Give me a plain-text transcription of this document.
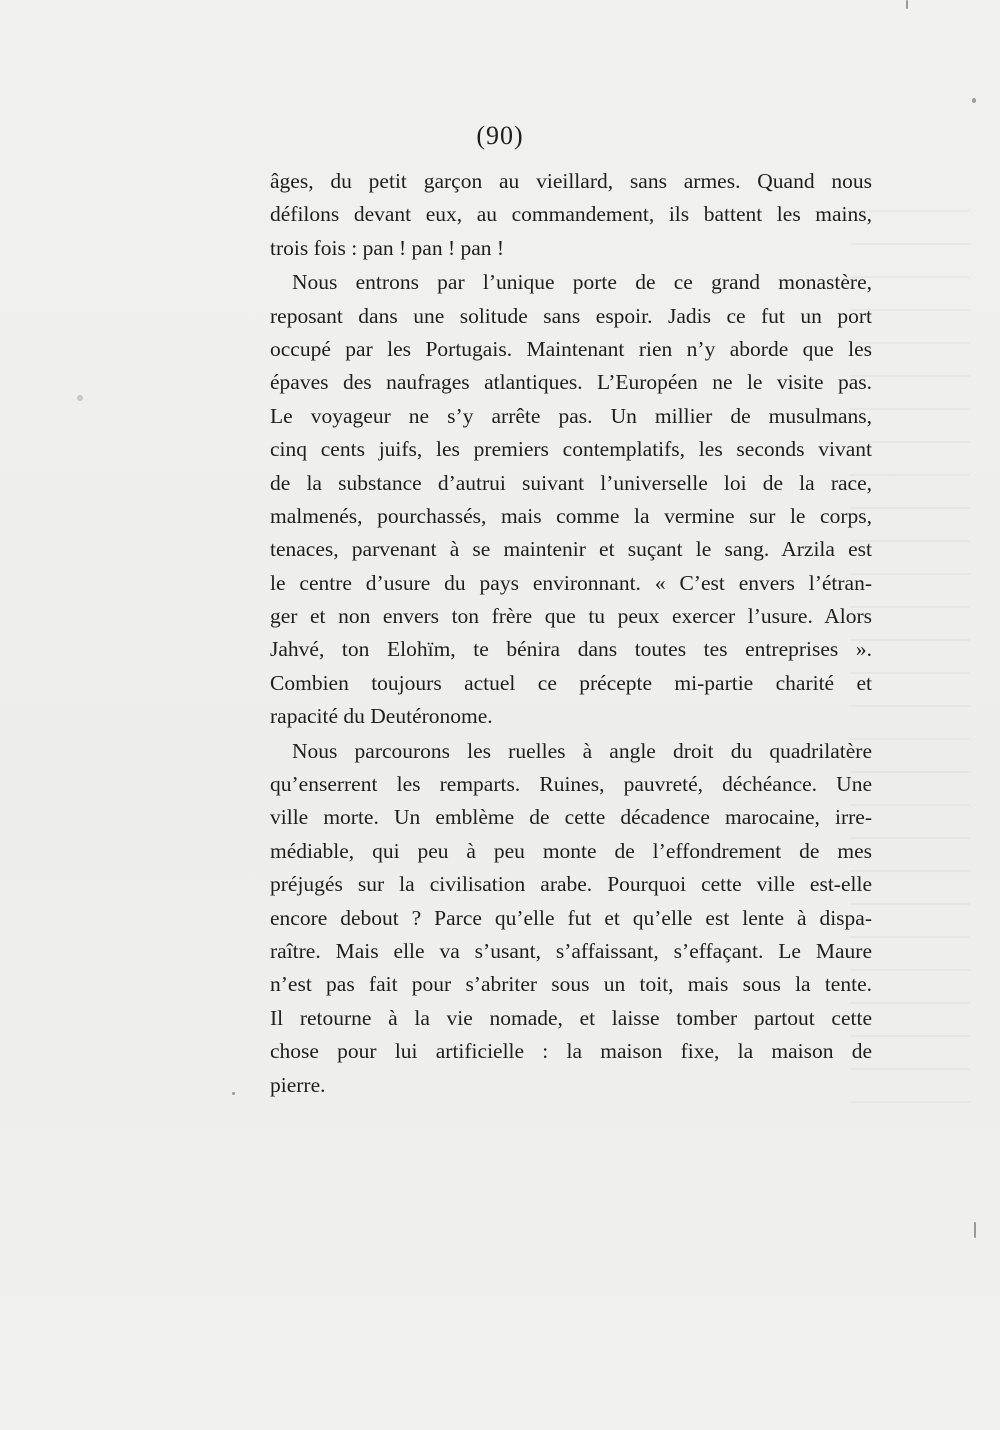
(90)
âges, du petit garçon au vieillard, sans armes. Quand nous
défilons devant eux, au commandement, ils battent les mains,
trois fois : pan ! pan ! pan !
Nous entrons par l’unique porte de ce grand monastère,
reposant dans une solitude sans espoir. Jadis ce fut un port
occupé par les Portugais. Maintenant rien n’y aborde que les
épaves des naufrages atlantiques. L’Européen ne le visite pas.
Le voyageur ne s’y arrête pas. Un millier de musulmans,
cinq cents juifs, les premiers contemplatifs, les seconds vivant
de la substance d’autrui suivant l’universelle loi de la race,
malmenés, pourchassés, mais comme la vermine sur le corps,
tenaces, parvenant à se maintenir et suçant le sang. Arzila est
le centre d’usure du pays environnant. « C’est envers l’étran-
ger et non envers ton frère que tu peux exercer l’usure. Alors
Jahvé, ton Elohïm, te bénira dans toutes tes entreprises ».
Combien toujours actuel ce précepte mi-partie charité et
rapacité du Deutéronome.
Nous parcourons les ruelles à angle droit du quadrilatère
qu’enserrent les remparts. Ruines, pauvreté, déchéance. Une
ville morte. Un emblème de cette décadence marocaine, irre-
médiable, qui peu à peu monte de l’effondrement de mes
préjugés sur la civilisation arabe. Pourquoi cette ville est-elle
encore debout ? Parce qu’elle fut et qu’elle est lente à dispa-
raître. Mais elle va s’usant, s’affaissant, s’effaçant. Le Maure
n’est pas fait pour s’abriter sous un toit, mais sous la tente.
Il retourne à la vie nomade, et laisse tomber partout cette
chose pour lui artificielle : la maison fixe, la maison de
pierre.
